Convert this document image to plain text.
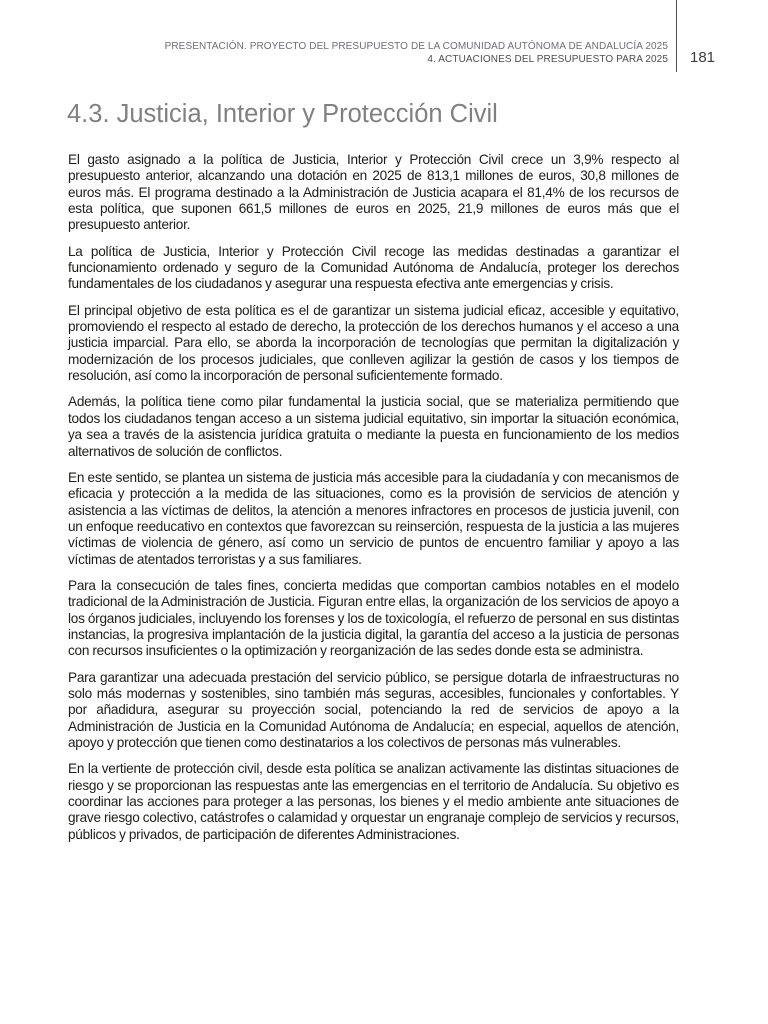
PRESENTACIÓN. PROYECTO DEL PRESUPUESTO DE LA COMUNIDAD AUTÓNOMA DE ANDALUCÍA 2025
4. ACTUACIONES DEL PRESUPUESTO PARA 2025 181
4.3. Justicia, Interior y Protección Civil

El gasto asignado a la política de Justicia, Interior y Protección Civil crece un 3,9% respecto al presupuesto anterior, alcanzando una dotación en 2025 de 813,1 millones de euros, 30,8 millones de euros más. El programa destinado a la Administración de Justicia acapara el 81,4% de los recursos de esta política, que suponen 661,5 millones de euros en 2025, 21,9 millones de euros más que el presupuesto anterior.

La política de Justicia, Interior y Protección Civil recoge las medidas destinadas a garantizar el funcionamiento ordenado y seguro de la Comunidad Autónoma de Andalucía, proteger los derechos fundamentales de los ciudadanos y asegurar una respuesta efectiva ante emergencias y crisis.

El principal objetivo de esta política es el de garantizar un sistema judicial eficaz, accesible y equitativo, promoviendo el respecto al estado de derecho, la protección de los derechos humanos y el acceso a una justicia imparcial. Para ello, se aborda la incorporación de tecnologías que permitan la digitalización y modernización de los procesos judiciales, que conlleven agilizar la gestión de casos y los tiempos de resolución, así como la incorporación de personal suficientemente formado.

Además, la política tiene como pilar fundamental la justicia social, que se materializa permitiendo que todos los ciudadanos tengan acceso a un sistema judicial equitativo, sin importar la situación económica, ya sea a través de la asistencia jurídica gratuita o mediante la puesta en funcionamiento de los medios alternativos de solución de conflictos.

En este sentido, se plantea un sistema de justicia más accesible para la ciudadanía y con mecanismos de eficacia y protección a la medida de las situaciones, como es la provisión de servicios de atención y asistencia a las víctimas de delitos, la atención a menores infractores en procesos de justicia juvenil, con un enfoque reeducativo en contextos que favorezcan su reinserción, respuesta de la justicia a las mujeres víctimas de violencia de género, así como un servicio de puntos de encuentro familiar y apoyo a las víctimas de atentados terroristas y a sus familiares.

Para la consecución de tales fines, concierta medidas que comportan cambios notables en el modelo tradicional de la Administración de Justicia. Figuran entre ellas, la organización de los servicios de apoyo a los órganos judiciales, incluyendo los forenses y los de toxicología, el refuerzo de personal en sus distintas instancias, la progresiva implantación de la justicia digital, la garantía del acceso a la justicia de personas con recursos insuficientes o la optimización y reorganización de las sedes donde esta se administra.

Para garantizar una adecuada prestación del servicio público, se persigue dotarla de infraestructuras no solo más modernas y sostenibles, sino también más seguras, accesibles, funcionales y confortables. Y por añadidura, asegurar su proyección social, potenciando la red de servicios de apoyo a la Administración de Justicia en la Comunidad Autónoma de Andalucía; en especial, aquellos de atención, apoyo y protección que tienen como destinatarios a los colectivos de personas más vulnerables.

En la vertiente de protección civil, desde esta política se analizan activamente las distintas situaciones de riesgo y se proporcionan las respuestas ante las emergencias en el territorio de Andalucía. Su objetivo es coordinar las acciones para proteger a las personas, los bienes y el medio ambiente ante situaciones de grave riesgo colectivo, catástrofes o calamidad y orquestar un engranaje complejo de servicios y recursos, públicos y privados, de participación de diferentes Administraciones.
